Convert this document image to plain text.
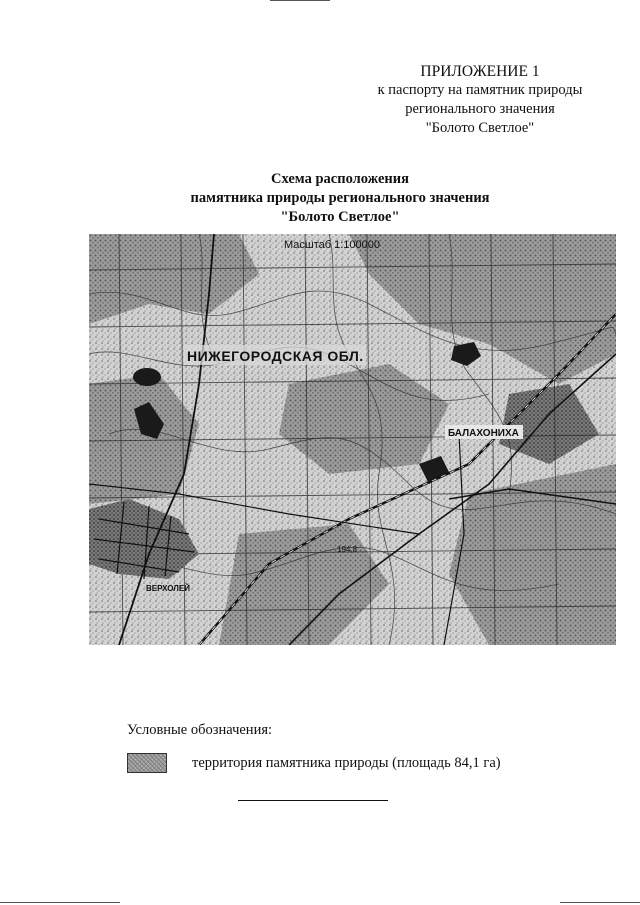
ПРИЛОЖЕНИЕ 1
к паспорту на памятник природы
регионального значения
"Болото Светлое"
Схема расположения
памятника природы регионального значения
"Болото Светлое"
Масштаб 1:100000
НИЖЕГОРОДСКАЯ ОБЛ.
БАЛАХОНИХА
ВЕРХОЛЕЙ
194,8
Условные обозначения:
территория памятника природы (площадь 84,1 га)
